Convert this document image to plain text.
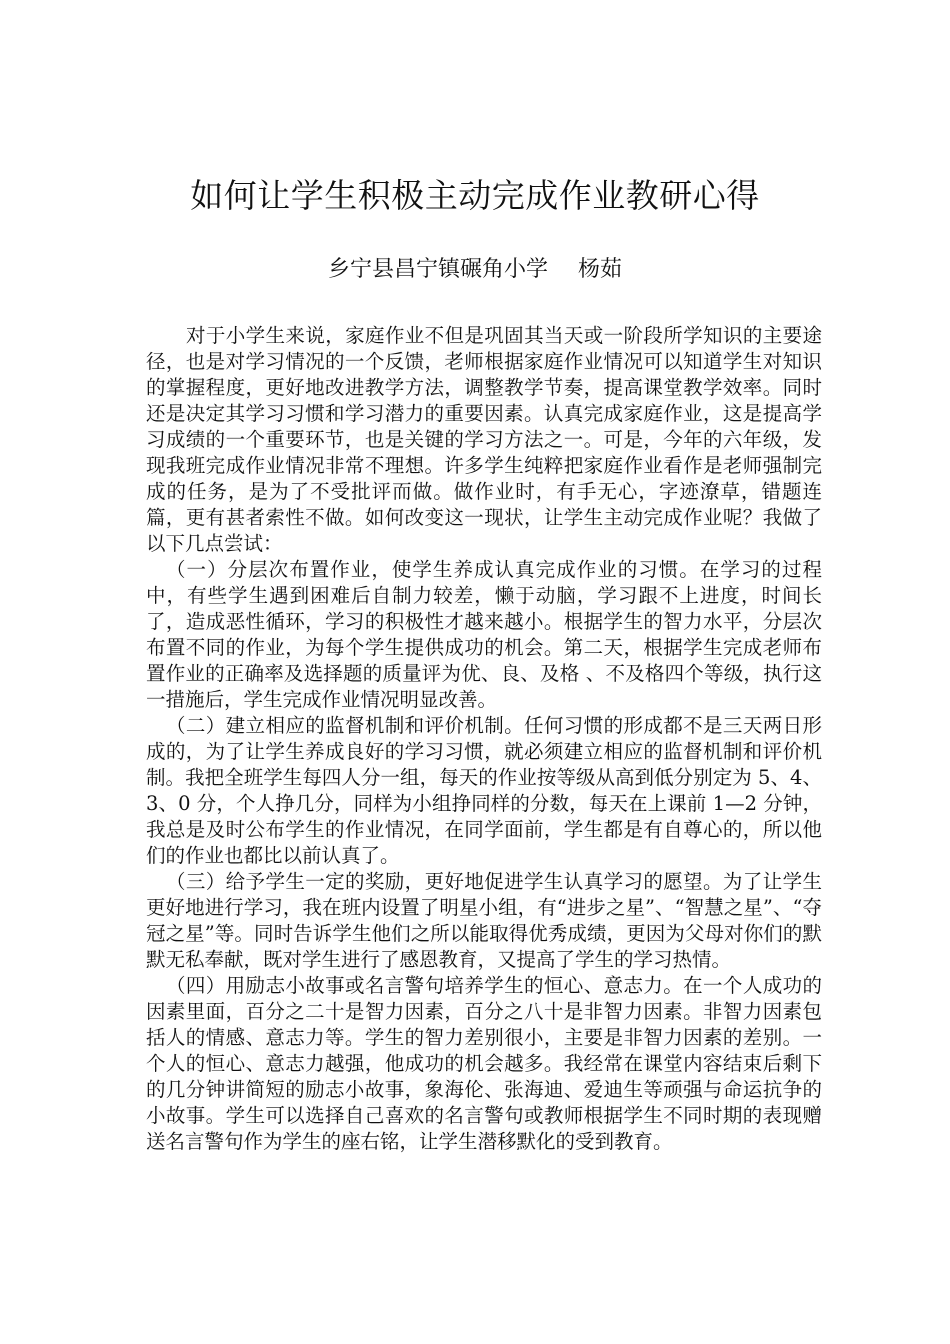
如何让学生积极主动完成作业教研心得
乡宁县昌宁镇碾角小学 杨茹

对于小学生来说，家庭作业不但是巩固其当天或一阶段所学知识的主要途径，也是对学习情况的一个反馈，老师根据家庭作业情况可以知道学生对知识的掌握程度，更好地改进教学方法，调整教学节奏，提高课堂教学效率。同时还是决定其学习习惯和学习潜力的重要因素。认真完成家庭作业，这是提高学习成绩的一个重要环节，也是关键的学习方法之一。可是，今年的六年级，发现我班完成作业情况非常不理想。许多学生纯粹把家庭作业看作是老师强制完成的任务，是为了不受批评而做。做作业时，有手无心，字迹潦草，错题连篇，更有甚者索性不做。如何改变这一现状，让学生主动完成作业呢？我做了以下几点尝试：

（一）分层次布置作业，使学生养成认真完成作业的习惯。在学习的过程中，有些学生遇到困难后自制力较差，懒于动脑，学习跟不上进度，时间长了，造成恶性循环，学习的积极性才越来越小。根据学生的智力水平，分层次布置不同的作业，为每个学生提供成功的机会。第二天，根据学生完成老师布置作业的正确率及选择题的质量评为优、良、及格 、不及格四个等级，执行这一措施后，学生完成作业情况明显改善。

（二）建立相应的监督机制和评价机制。任何习惯的形成都不是三天两日形成的，为了让学生养成良好的学习习惯，就必须建立相应的监督机制和评价机制。我把全班学生每四人分一组，每天的作业按等级从高到低分别定为 5、4、3、0 分，个人挣几分，同样为小组挣同样的分数，每天在上课前 1—2 分钟，我总是及时公布学生的作业情况，在同学面前，学生都是有自尊心的，所以他们的作业也都比以前认真了。

（三）给予学生一定的奖励，更好地促进学生认真学习的愿望。为了让学生更好地进行学习，我在班内设置了明星小组，有“进步之星”、“智慧之星”、“夺冠之星”等。同时告诉学生他们之所以能取得优秀成绩，更因为父母对你们的默默无私奉献，既对学生进行了感恩教育，又提高了学生的学习热情。

（四）用励志小故事或名言警句培养学生的恒心、意志力。在一个人成功的因素里面，百分之二十是智力因素，百分之八十是非智力因素。非智力因素包括人的情感、意志力等。学生的智力差别很小，主要是非智力因素的差别。一个人的恒心、意志力越强，他成功的机会越多。我经常在课堂内容结束后剩下的几分钟讲简短的励志小故事，象海伦、张海迪、爱迪生等顽强与命运抗争的小故事。学生可以选择自己喜欢的名言警句或教师根据学生不同时期的表现赠送名言警句作为学生的座右铭，让学生潜移默化的受到教育。
